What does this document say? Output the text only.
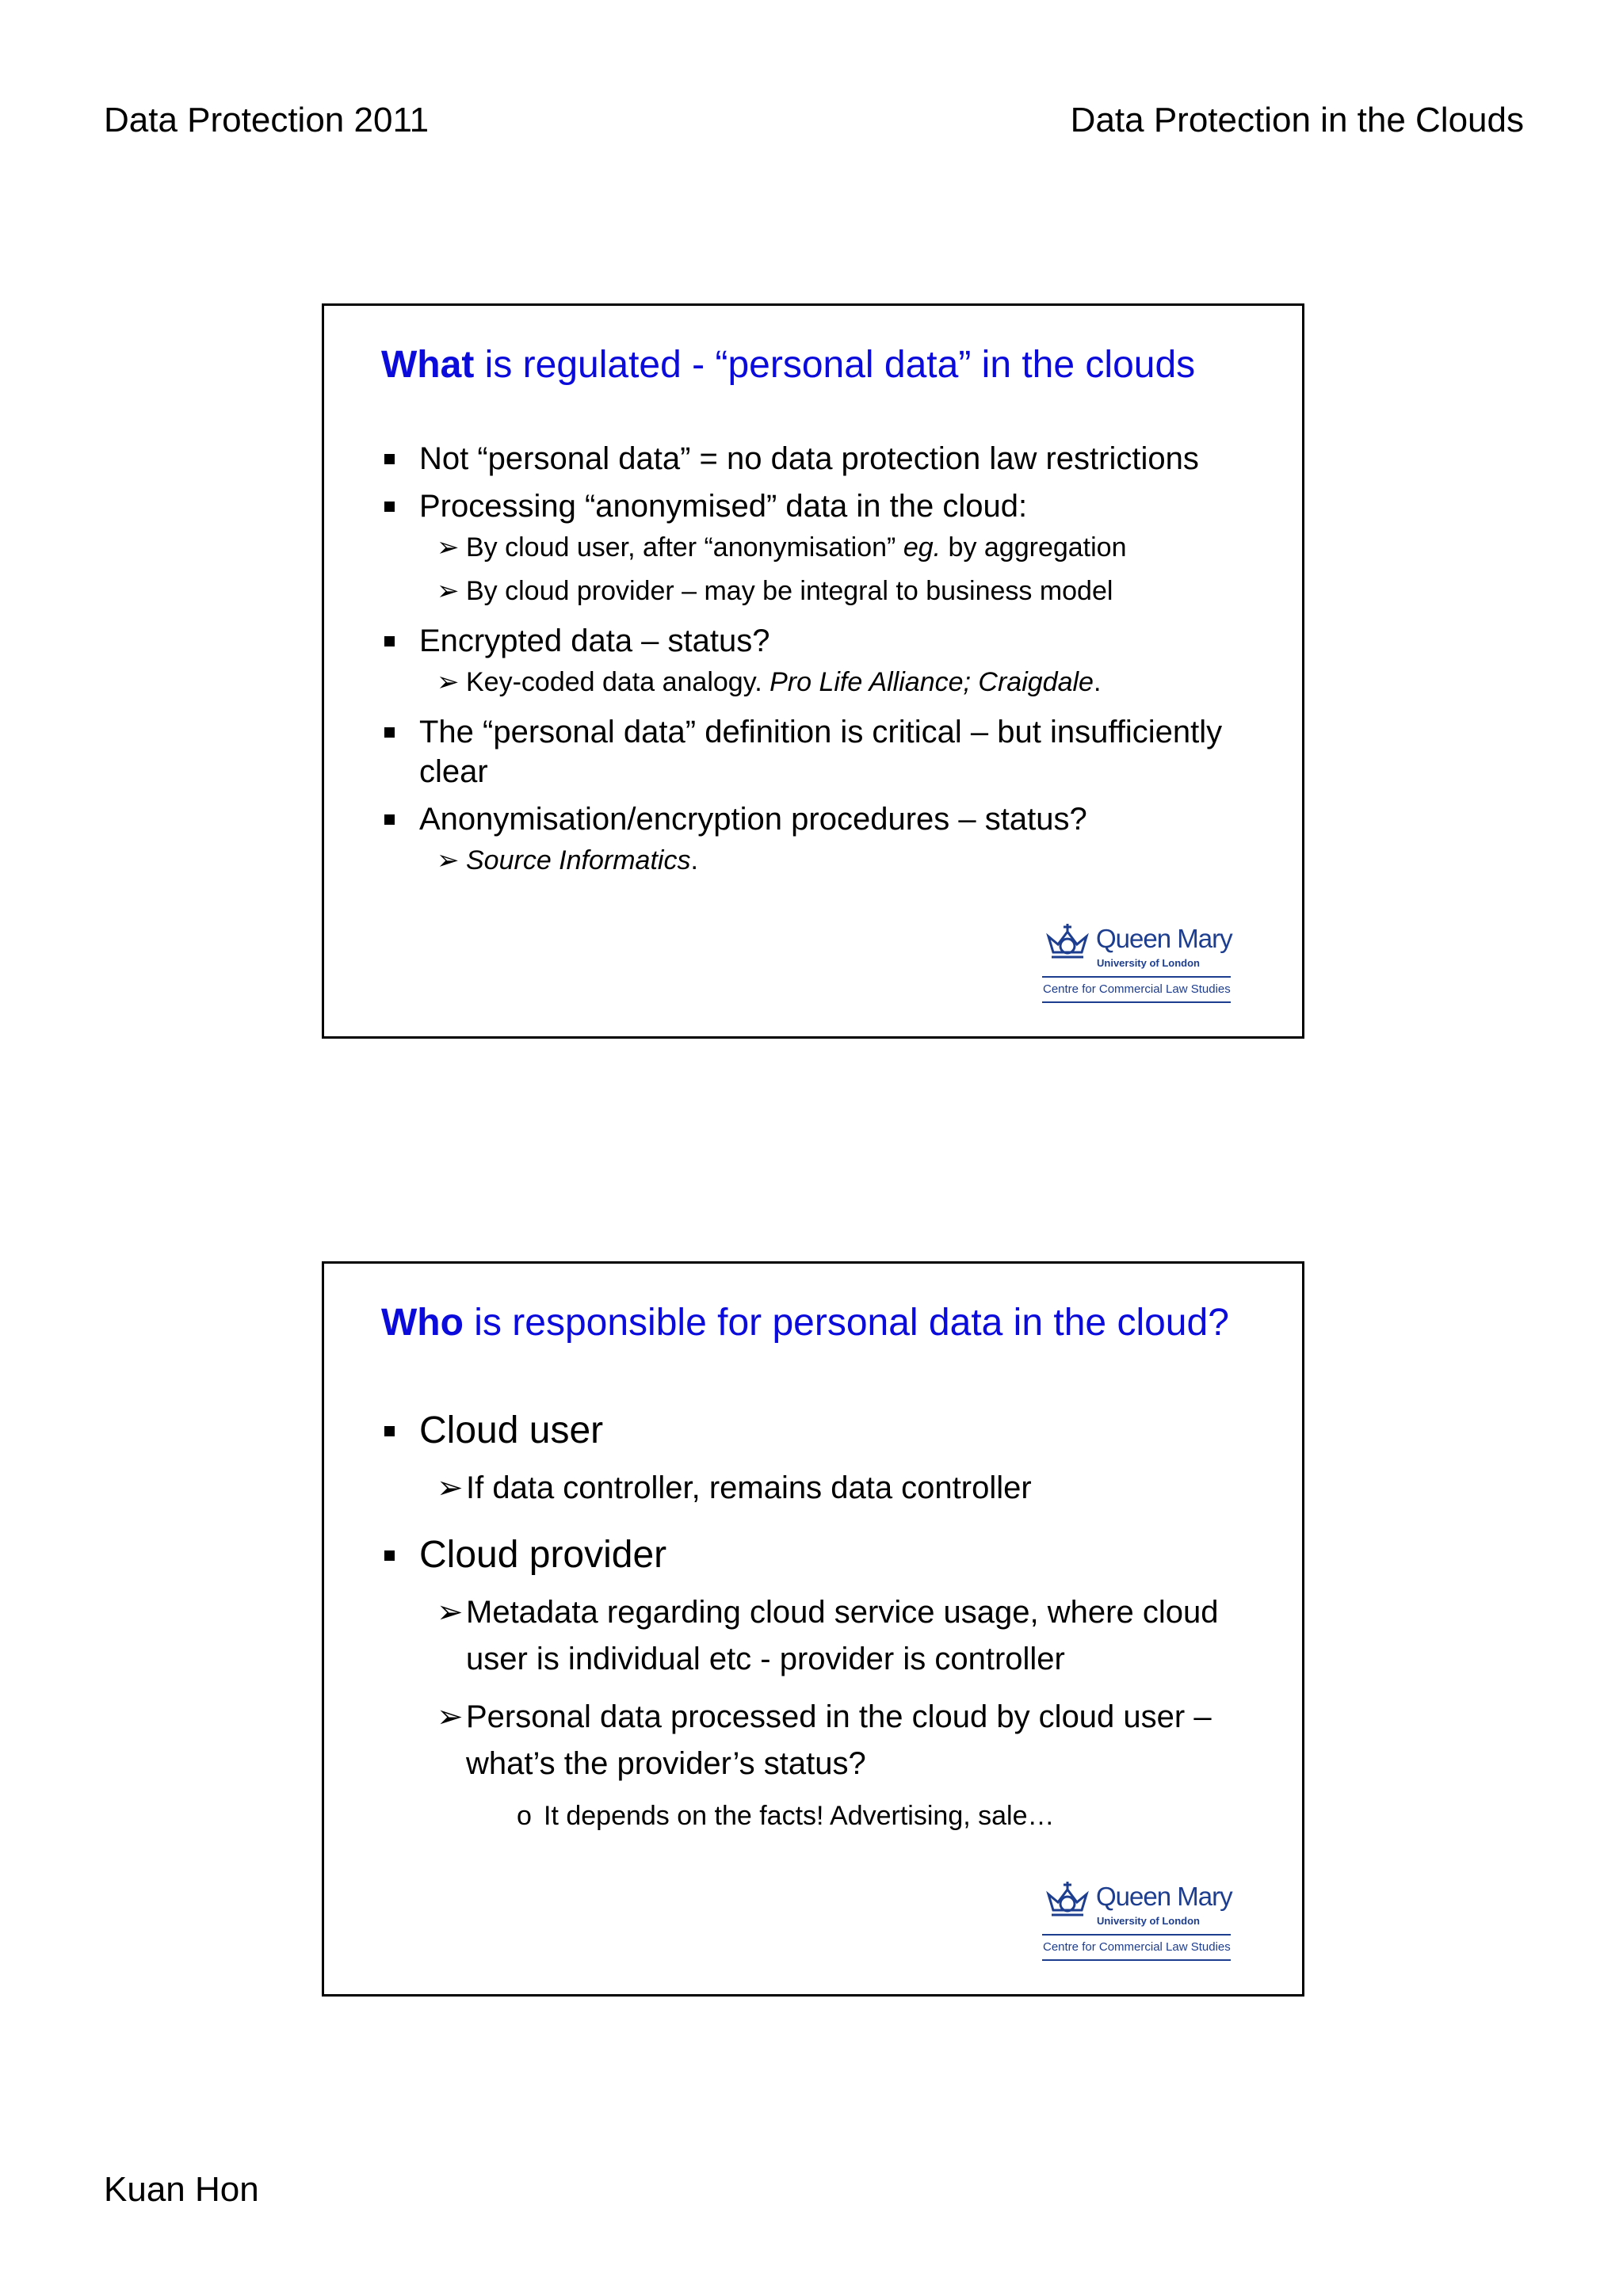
Data Protection 2011	Data Protection in the Clouds
What is regulated - “personal data” in the clouds
Not “personal data” = no data protection law restrictions
Processing “anonymised” data in the cloud:
➢ By cloud user, after “anonymisation” eg. by aggregation
➢ By cloud provider – may be integral to business model
Encrypted data – status?
➢ Key-coded data analogy. Pro Life Alliance; Craigdale.
The “personal data” definition is critical – but insufficiently clear
Anonymisation/encryption procedures – status?
➢ Source Informatics.
Queen Mary
University of London
Centre for Commercial Law Studies
Who is responsible for personal data in the cloud?
Cloud user
➢ If data controller, remains data controller
Cloud provider
➢ Metadata regarding cloud service usage, where cloud user is individual etc - provider is controller
➢ Personal data processed in the cloud by cloud user – what’s the provider’s status?
o It depends on the facts! Advertising, sale…
Queen Mary
University of London
Centre for Commercial Law Studies
Kuan Hon
